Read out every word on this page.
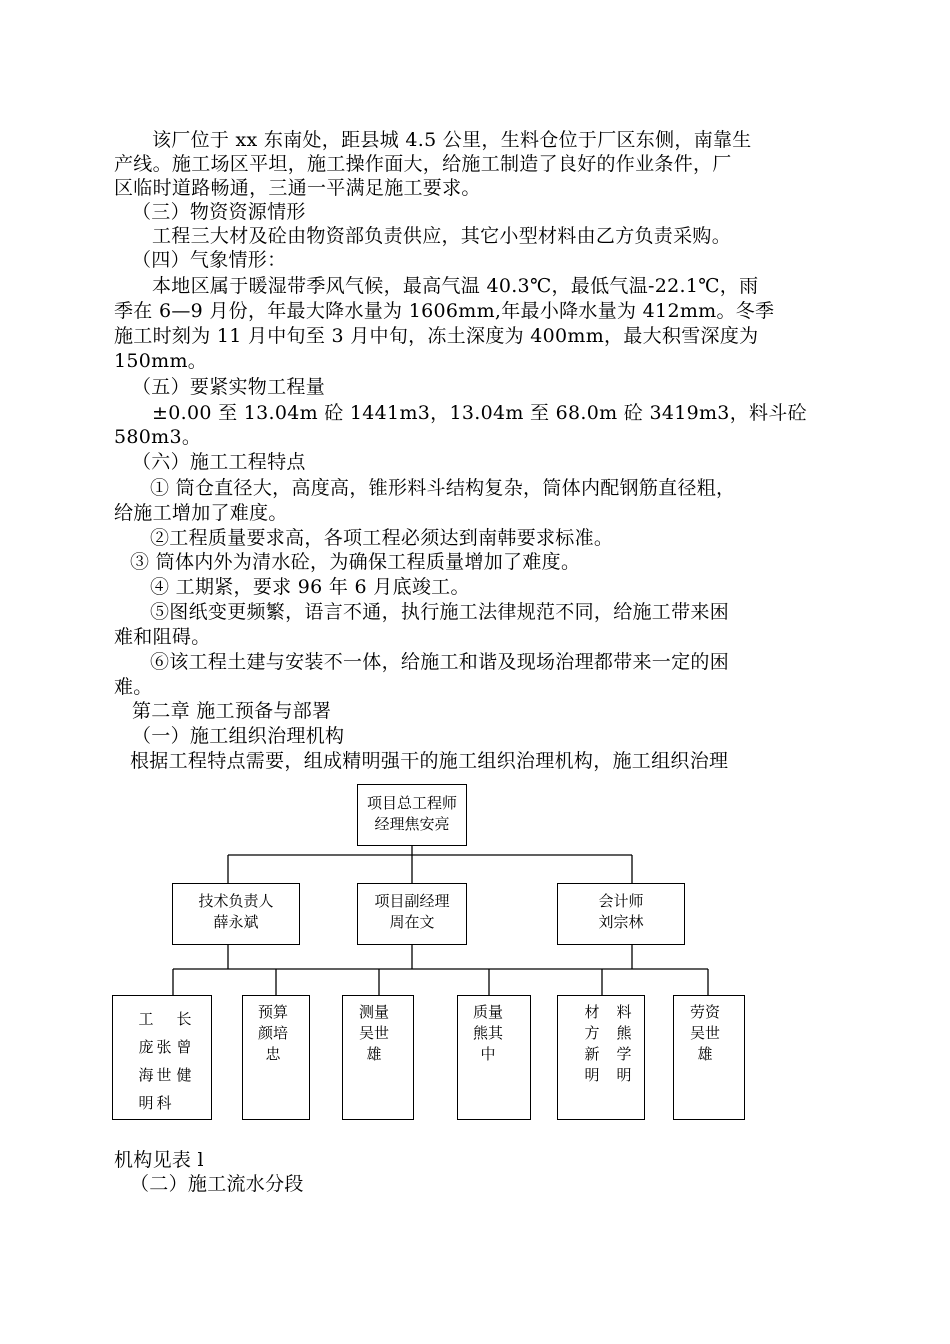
该厂位于 xx 东南处，距县城 4.5 公里，生料仓位于厂区东侧，南靠生

产线。施工场区平坦，施工操作面大，给施工制造了良好的作业条件，厂

区临时道路畅通，三通一平满足施工要求。

（三）物资资源情形

工程三大材及砼由物资部负责供应，其它小型材料由乙方负责采购。

（四）气象情形：

本地区属于暖湿带季风气候，最高气温 40.3℃，最低气温-22.1℃，雨

季在 6—9 月份，年最大降水量为 1606mm,年最小降水量为 412mm。冬季

施工时刻为 11 月中旬至 3 月中旬，冻土深度为 400mm，最大积雪深度为

150mm。

（五）要紧实物工程量

±0.00 至 13.04m 砼 1441m3，13.04m 至 68.0m 砼 3419m3，料斗砼

580m3。

（六）施工工程特点

① 筒仓直径大，高度高，锥形料斗结构复杂，筒体内配钢筋直径粗，

给施工增加了难度。

②工程质量要求高，各项工程必须达到南韩要求标准。

③ 筒体内外为清水砼，为确保工程质量增加了难度。

④ 工期紧，要求 96 年 6 月底竣工。

⑤图纸变更频繁，语言不通，执行施工法律规范不同，给施工带来困

难和阻碍。

⑥该工程土建与安装不一体，给施工和谐及现场治理都带来一定的困

难。

第二章 施工预备与部署

（一）施工组织治理机构

根据工程特点需要，组成精明强干的施工组织治理机构，施工组织治理

项目总工程师
经理焦安亮
技术负责人
薛永斌
项目副经理
周在文
会计师
刘宗林
工庞海明
张世科
长曾健
预算颜培忠
测量吴世雄
质量熊其中
材方新明
料熊学明
劳资吴世雄

机构见表 l

（二）施工流水分段
